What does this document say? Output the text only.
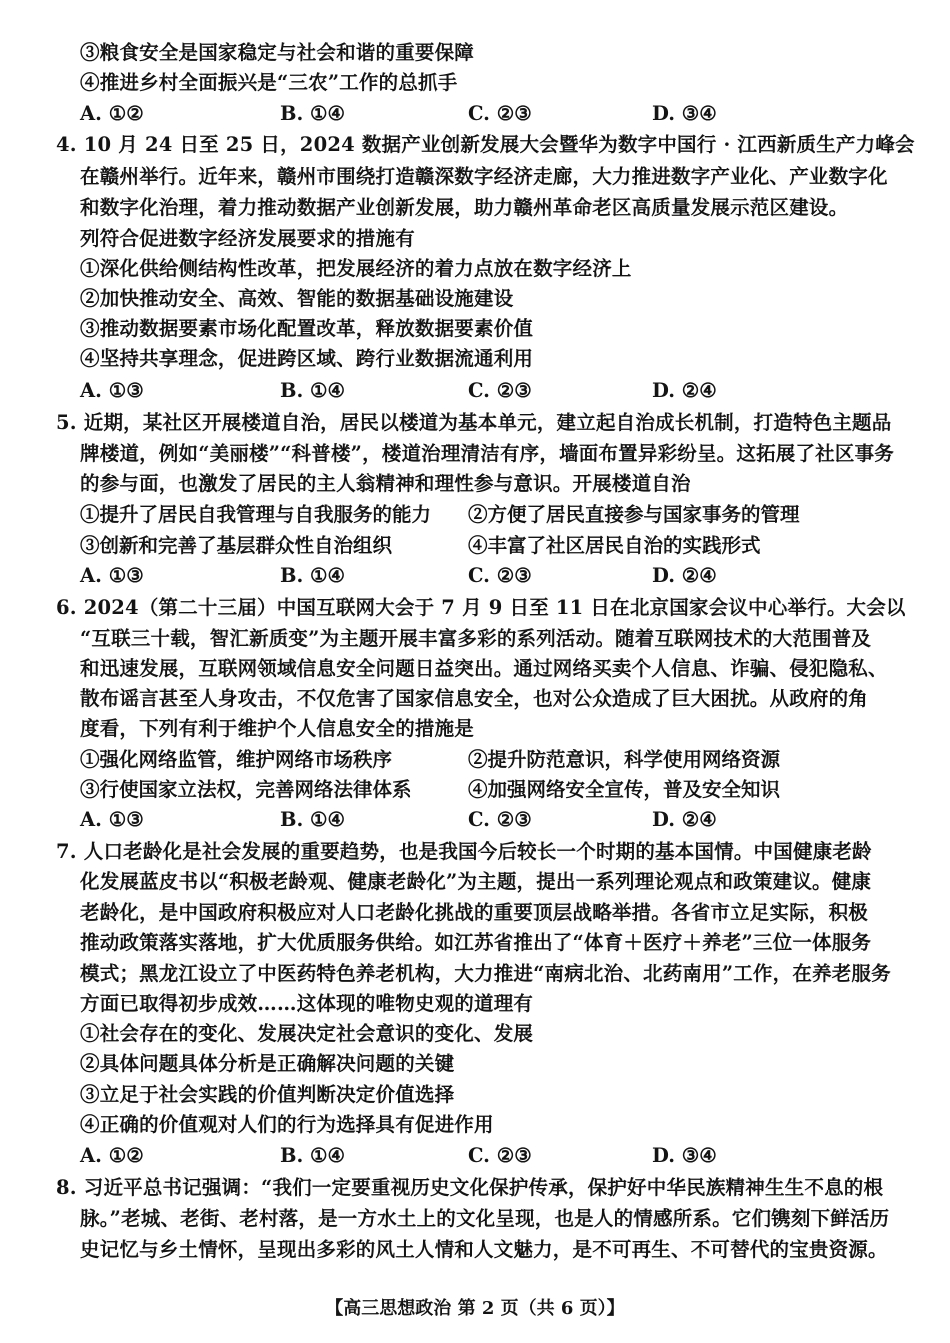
③粮食安全是国家稳定与社会和谐的重要保障
④推进乡村全面振兴是“三农”工作的总抓手
A. ①②	B. ①④	C. ②③	D. ③④
4. 10 月 24 日至 25 日，2024 数据产业创新发展大会暨华为数字中国行 · 江西新质生产力峰会
在赣州举行。近年来，赣州市围绕打造赣深数字经济走廊，大力推进数字产业化、产业数字化
和数字化治理，着力推动数据产业创新发展，助力赣州革命老区高质量发展示范区建设。
列符合促进数字经济发展要求的措施有
①深化供给侧结构性改革，把发展经济的着力点放在数字经济上
②加快推动安全、高效、智能的数据基础设施建设
③推动数据要素市场化配置改革，释放数据要素价值
④坚持共享理念，促进跨区域、跨行业数据流通利用
A. ①③	B. ①④	C. ②③	D. ②④
5. 近期，某社区开展楼道自治，居民以楼道为基本单元，建立起自治成长机制，打造特色主题品
牌楼道，例如“美丽楼”“科普楼”，楼道治理清洁有序，墙面布置异彩纷呈。这拓展了社区事务
的参与面，也激发了居民的主人翁精神和理性参与意识。开展楼道自治
①提升了居民自我管理与自我服务的能力 ②方便了居民直接参与国家事务的管理
③创新和完善了基层群众性自治组织	④丰富了社区居民自治的实践形式
A. ①③	B. ①④	C. ②③	D. ②④
6. 2024（第二十三届）中国互联网大会于 7 月 9 日至 11 日在北京国家会议中心举行。大会以
“互联三十载，智汇新质变”为主题开展丰富多彩的系列活动。随着互联网技术的大范围普及
和迅速发展，互联网领域信息安全问题日益突出。通过网络买卖个人信息、诈骗、侵犯隐私、
散布谣言甚至人身攻击，不仅危害了国家信息安全，也对公众造成了巨大困扰。从政府的角
度看，下列有利于维护个人信息安全的措施是
①强化网络监管，维护网络市场秩序	②提升防范意识，科学使用网络资源
③行使国家立法权，完善网络法律体系	④加强网络安全宣传，普及安全知识
A. ①③	B. ①④	C. ②③	D. ②④
7. 人口老龄化是社会发展的重要趋势，也是我国今后较长一个时期的基本国情。中国健康老龄
化发展蓝皮书以“积极老龄观、健康老龄化”为主题，提出一系列理论观点和政策建议。健康
老龄化，是中国政府积极应对人口老龄化挑战的重要顶层战略举措。各省市立足实际，积极
推动政策落实落地，扩大优质服务供给。如江苏省推出了“体育＋医疗＋养老”三位一体服务
模式；黑龙江设立了中医药特色养老机构，大力推进“南病北治、北药南用”工作，在养老服务
方面已取得初步成效……这体现的唯物史观的道理有
①社会存在的变化、发展决定社会意识的变化、发展
②具体问题具体分析是正确解决问题的关键
③立足于社会实践的价值判断决定价值选择
④正确的价值观对人们的行为选择具有促进作用
A. ①②	B. ①④	C. ②③	D. ③④
8. 习近平总书记强调：“我们一定要重视历史文化保护传承，保护好中华民族精神生生不息的根
脉。”老城、老街、老村落，是一方水土上的文化呈现，也是人的情感所系。它们镌刻下鲜活历
史记忆与乡土情怀，呈现出多彩的风土人情和人文魅力，是不可再生、不可替代的宝贵资源。
【高三思想政治 第 2 页（共 6 页）】
